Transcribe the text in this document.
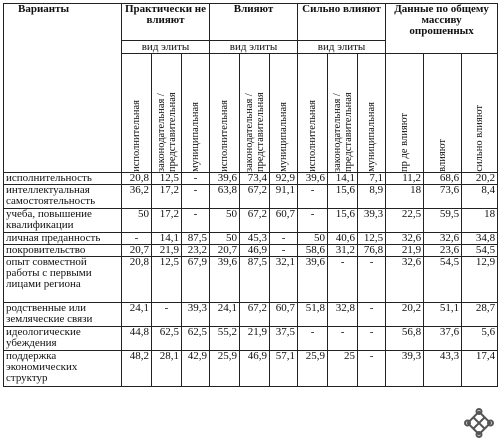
Варианты	Практически не влияют			Влияют			Сильно влияют			Данные по общему массиву опрошенных		
	вид элиты			вид элиты			вид элиты					

	исполнительная	законодательная / представительная	муниципальная	исполнительная	законодательная / представительная	муниципальная	исполнительная	законодательная / представительная	муниципальная	пр де влияют	влияют	сильно влияют

исполнительность	20,8	12,5	-	39,6	73,4	92,9	39,6	14,1	7,1	11,2	68,6	20,2
интеллектуальная самостоятельность	36,2	17,2	-	63,8	67,2	91,1	-	15,6	8,9	18	73,6	8,4
учеба, повышение квалификации	50	17,2	-	50	67,2	60,7	-	15,6	39,3	22,5	59,5	18
личная преданность	-	14,1	87,5	50	45,3	-	50	40,6	12,5	32,6	32,6	34,8
покровительство	20,7	21,9	23,2	20,7	46,9	-	58,6	31,2	76,8	21,9	23,6	54,5
опыт совместной работы с первыми лицами региона	20,8	12,5	67,9	39,6	87,5	32,1	39,6	-	-	32,6	54,5	12,9
родственные или земляческие связи	24,1	-	39,3	24,1	67,2	60,7	51,8	32,8	-	20,2	51,1	28,7
идеологические убеждения	44,8	62,5	62,5	55,2	21,9	37,5	-	-	-	56,8	37,6	5,6
поддержка экономических структур	48,2	28,1	42,9	25,9	46,9	57,1	25,9	25	-	39,3	43,3	17,4
